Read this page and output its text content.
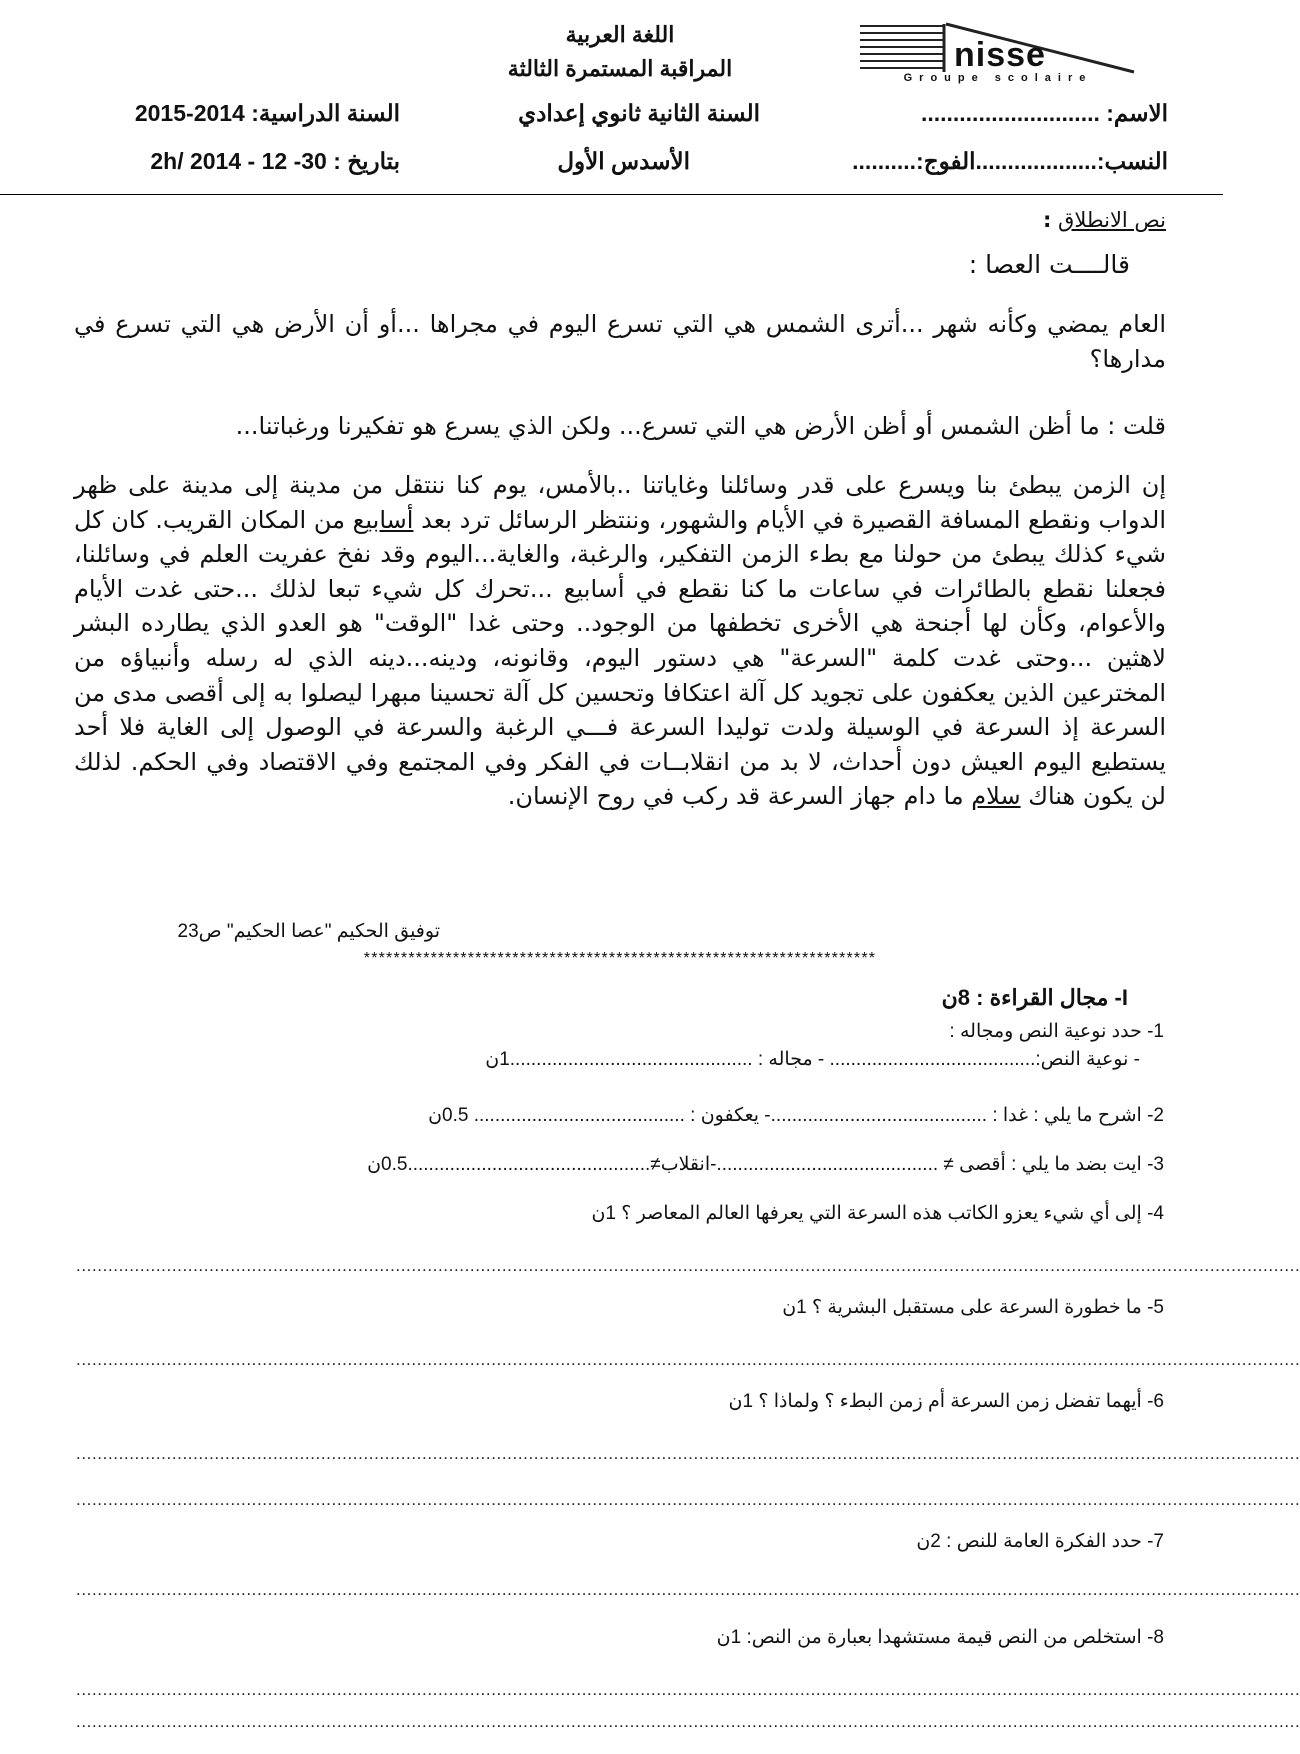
اللغة العربية
المراقبة المستمرة الثالثة
السنة الدراسية: 2014-2015	السنة الثانية ثانوي إعدادي	الاسم: ............................
بتاريخ : 30- 12 - 2014 /2h	الأسدس الأول	النسب:...................الفوج:..........
nisse
Groupe scolaire
نص الانطلاق :
قالــــت العصا :
العام يمضي وكأنه شهر ...أترى الشمس هي التي تسرع اليوم في مجراها ...أو أن الأرض هي التي تسرع في مدارها؟
قلت : ما أظن الشمس أو أظن الأرض هي التي تسرع... ولكن الذي يسرع هو تفكيرنا ورغباتنا...
إن الزمن يبطئ بنا ويسرع على قدر وسائلنا وغاياتنا ..بالأمس، يوم كنا ننتقل من مدينة إلى مدينة على ظهر الدواب ونقطع المسافة القصيرة في الأيام والشهور، وننتظر الرسائل ترد بعد أسابيع من المكان القريب. كان كل شيء كذلك يبطئ من حولنا مع بطء الزمن التفكير، والرغبة، والغاية...اليوم وقد نفخ عفريت العلم في وسائلنا، فجعلنا نقطع بالطائرات في ساعات ما كنا نقطع في أسابيع ...تحرك كل شيء تبعا لذلك ...حتى غدت الأيام والأعوام، وكأن لها أجنحة هي الأخرى تخطفها من الوجود.. وحتى غدا "الوقت" هو العدو الذي يطارده البشر لاهثين ...وحتى غدت كلمة "السرعة" هي دستور اليوم، وقانونه، ودينه...دينه الذي له رسله وأنبياؤه من المخترعين الذين يعكفون على تجويد كل آلة اعتكافا وتحسين كل آلة تحسينا مبهرا ليصلوا به إلى أقصى مدى من السرعة إذ السرعة في الوسيلة ولدت توليدا السرعة فـــي الرغبة والسرعة في الوصول إلى الغاية فلا أحد يستطيع اليوم العيش دون أحداث، لا بد من انقلابــات في الفكر وفي المجتمع وفي الاقتصاد وفي الحكم. لذلك لن يكون هناك سلام ما دام جهاز السرعة قد ركب في روح الإنسان.
توفيق الحكيم "عصا الحكيم" ص23
*********************************************************************
I- مجال القراءة : 8ن
1- حدد نوعية النص ومجاله :
- نوعية النص:....................................... - مجاله : ..............................................1ن
2- اشرح ما يلي : غدا : .........................................- يعكفون : ........................................ 0.5ن
3- ايت بضد ما يلي : أقصى ≠ ..........................................-انقلاب≠..............................................0.5ن
4- إلى أي شيء يعزو الكاتب هذه السرعة التي يعرفها العالم المعاصر ؟ 1ن
......................................................................................................................................................................................................................................
5- ما خطورة السرعة على مستقبل البشرية ؟ 1ن
......................................................................................................................................................................................................................................
6- أيهما تفضل زمن السرعة أم زمن البطء ؟ ولماذا ؟ 1ن
......................................................................................................................................................................................................................................
......................................................................................................................................................................................................................................
7- حدد الفكرة العامة للنص : 2ن
......................................................................................................................................................................................................................................
8- استخلص من النص قيمة مستشهدا بعبارة من النص: 1ن
......................................................................................................................................................................................................................................
......................................................................................................................................................................................................................................
